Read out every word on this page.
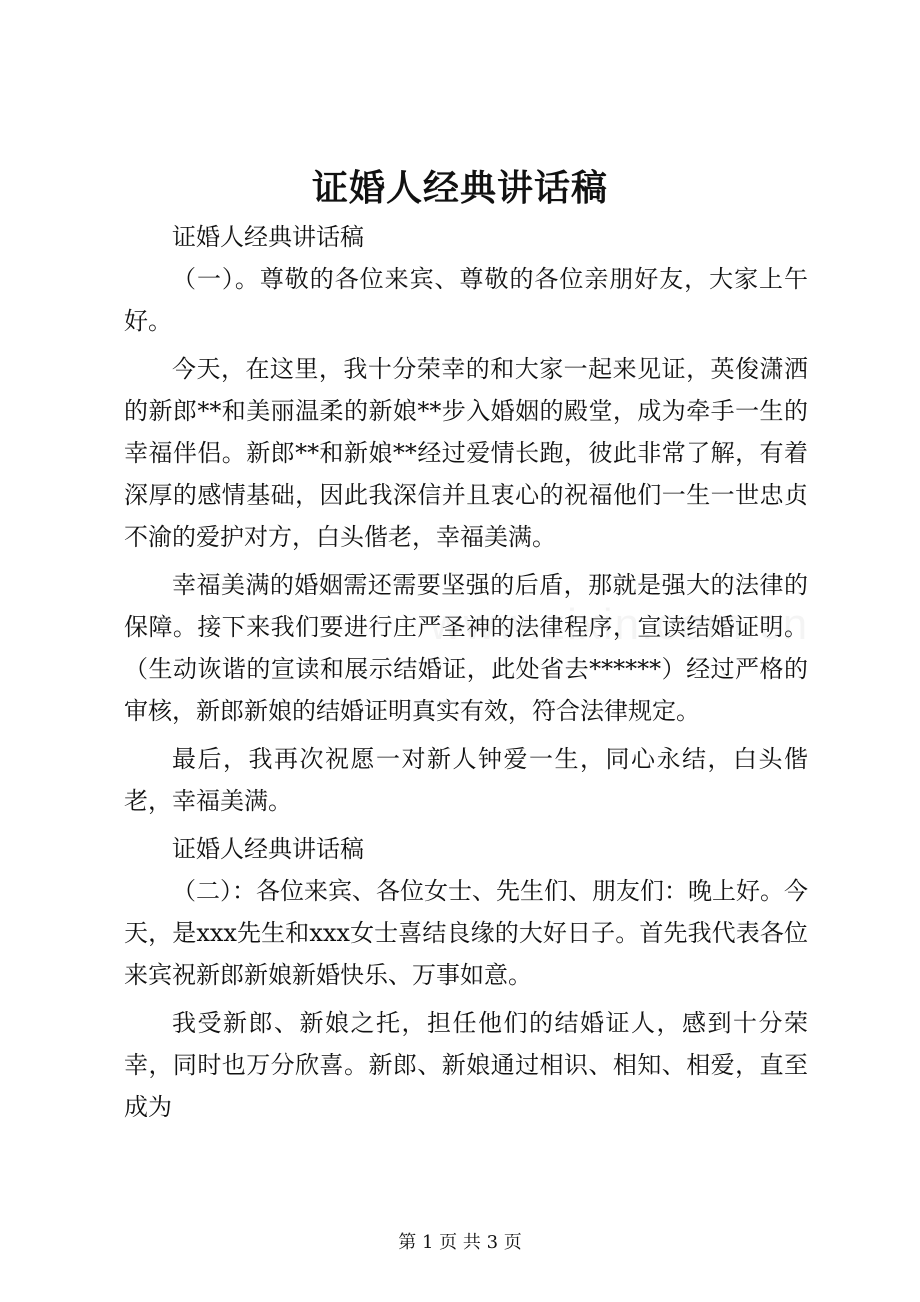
证婚人经典讲话稿

证婚人经典讲话稿

（一）。尊敬的各位来宾、尊敬的各位亲朋好友，大家上午好。

今天，在这里，我十分荣幸的和大家一起来见证，英俊潇洒的新郎**和美丽温柔的新娘**步入婚姻的殿堂，成为牵手一生的幸福伴侣。新郎**和新娘**经过爱情长跑，彼此非常了解，有着深厚的感情基础，因此我深信并且衷心的祝福他们一生一世忠贞不渝的爱护对方，白头偕老，幸福美满。

幸福美满的婚姻需还需要坚强的后盾，那就是强大的法律的保障。接下来我们要进行庄严圣神的法律程序，宣读结婚证明。（生动诙谐的宣读和展示结婚证，此处省去******）经过严格的审核，新郎新娘的结婚证明真实有效，符合法律规定。

最后，我再次祝愿一对新人钟爱一生，同心永结，白头偕老，幸福美满。

证婚人经典讲话稿

（二）：各位来宾、各位女士、先生们、朋友们：晚上好。今天，是xxx先生和xxx女士喜结良缘的大好日子。首先我代表各位来宾祝新郎新娘新婚快乐、万事如意。

我受新郎、新娘之托，担任他们的结婚证人，感到十分荣幸，同时也万分欣喜。新郎、新娘通过相识、相知、相爱，直至成为

第 1 页 共 3 页
